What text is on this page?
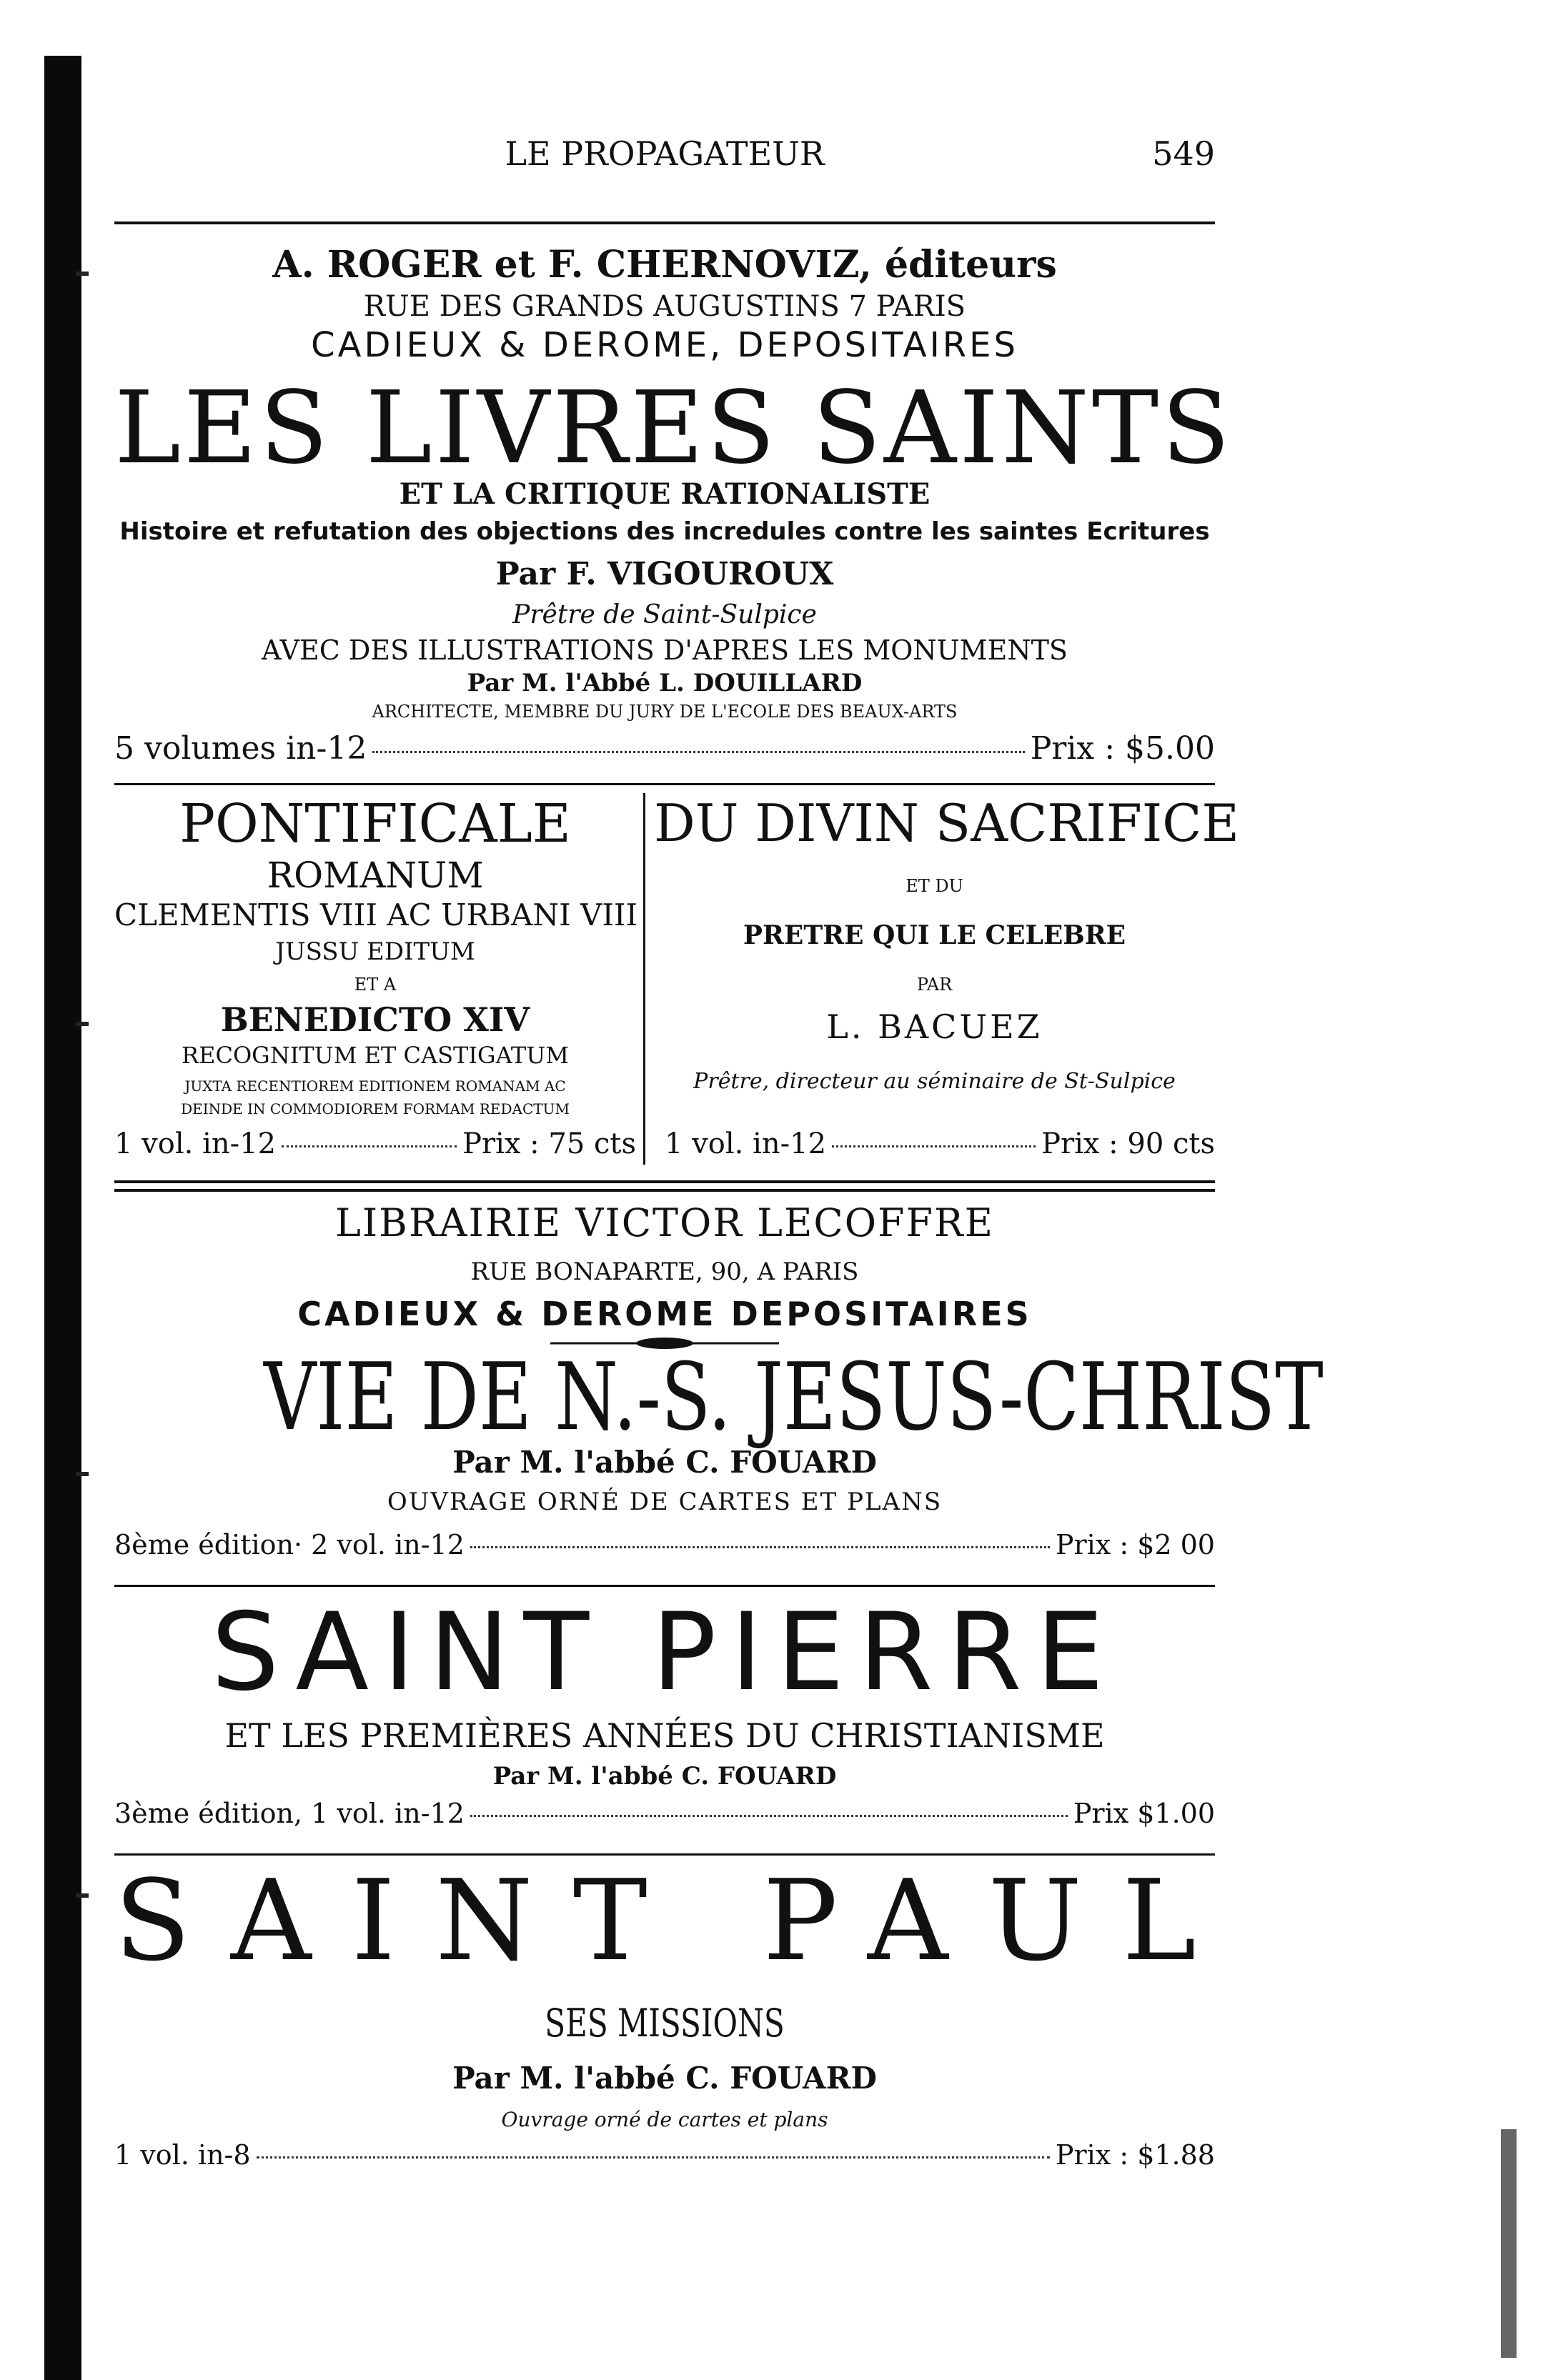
LE PROPAGATEUR	549
A. ROGER et F. CHERNOVIZ, éditeurs
RUE DES GRANDS AUGUSTINS 7 PARIS
CADIEUX & DEROME, DEPOSITAIRES
LES LIVRES SAINTS
ET LA CRITIQUE RATIONALISTE
Histoire et refutation des objections des incredules contre les saintes Ecritures
Par F. VIGOUROUX
Prêtre de Saint-Sulpice
AVEC DES ILLUSTRATIONS D'APRES LES MONUMENTS
Par M. l'Abbé L. DOUILLARD
ARCHITECTE, MEMBRE DU JURY DE L'ECOLE DES BEAUX-ARTS
5 volumes in-12	Prix : $5.00
PONTIFICALE
ROMANUM
CLEMENTIS VIII AC URBANI VIII
JUSSU EDITUM
ET A
BENEDICTO XIV
RECOGNITUM ET CASTIGATUM
JUXTA RECENTIOREM EDITIONEM ROMANAM AC
DEINDE IN COMMODIOREM FORMAM REDACTUM
1 vol. in-12	Prix : 75 cts
DU DIVIN SACRIFICE
ET DU
PRETRE QUI LE CELEBRE
PAR
L. BACUEZ
Prêtre, directeur au séminaire de St-Sulpice
1 vol. in-12	Prix : 90 cts
LIBRAIRIE VICTOR LECOFFRE
RUE BONAPARTE, 90, A PARIS
CADIEUX & DEROME DEPOSITAIRES
VIE DE N.-S. JESUS-CHRIST
Par M. l'abbé C. FOUARD
OUVRAGE ORNÉ DE CARTES ET PLANS
8ème édition· 2 vol. in-12	Prix : $2 00
SAINT PIERRE
ET LES PREMIÈRES ANNÉES DU CHRISTIANISME
Par M. l'abbé C. FOUARD
3ème édition, 1 vol. in-12	Prix $1.00
SAINT PAUL
SES MISSIONS
Par M. l'abbé C. FOUARD
Ouvrage orné de cartes et plans
1 vol. in-8	Prix : $1.88
